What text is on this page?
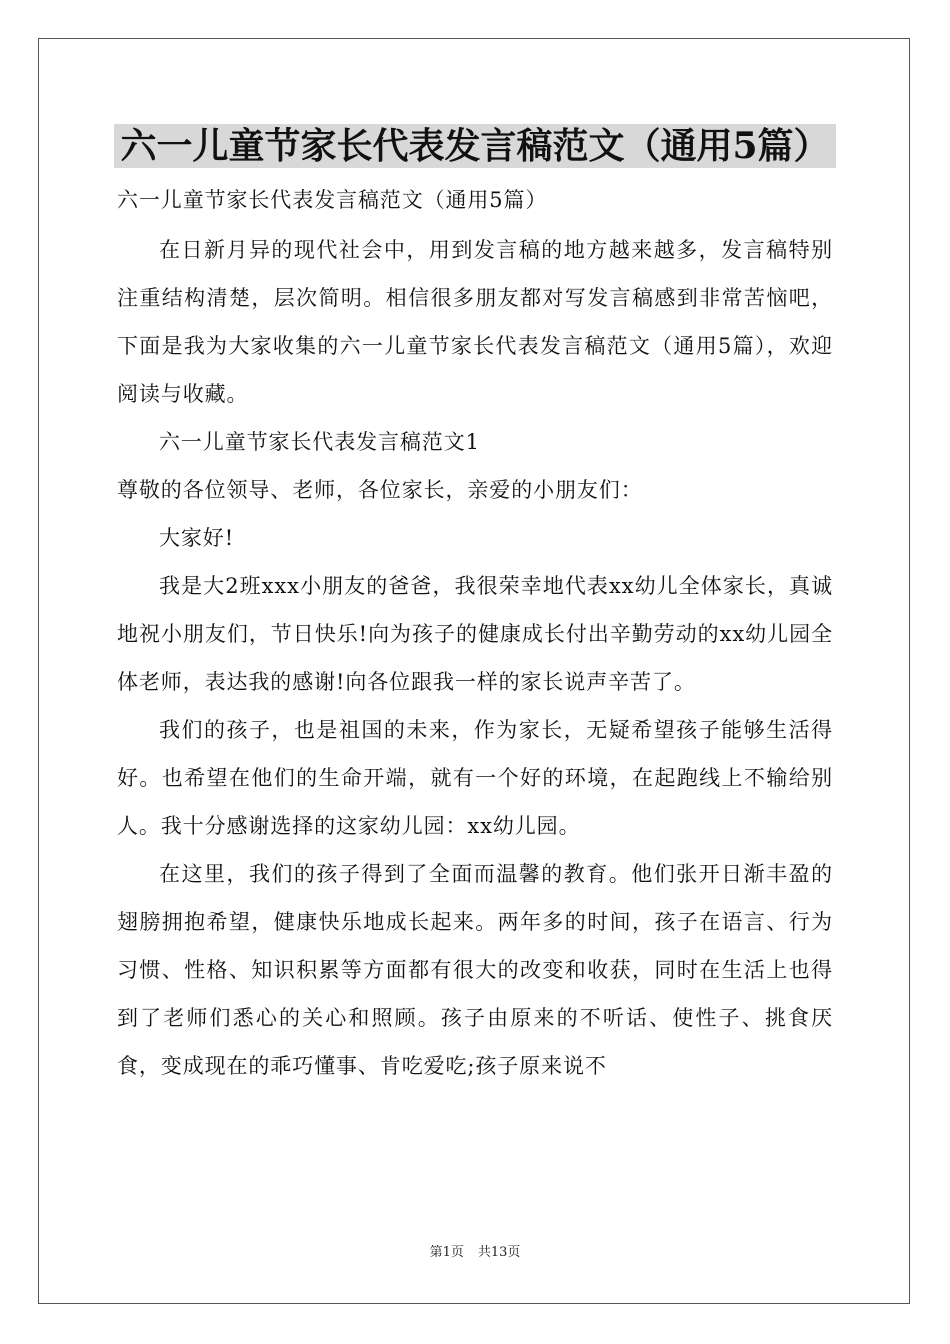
六一儿童节家长代表发言稿范文（通用5篇）

六一儿童节家长代表发言稿范文（通用5篇）

在日新月异的现代社会中，用到发言稿的地方越来越多，发言稿特别注重结构清楚，层次简明。相信很多朋友都对写发言稿感到非常苦恼吧，下面是我为大家收集的六一儿童节家长代表发言稿范文（通用5篇），欢迎阅读与收藏。

六一儿童节家长代表发言稿范文1

尊敬的各位领导、老师，各位家长，亲爱的小朋友们：

大家好!

我是大2班xxx小朋友的爸爸，我很荣幸地代表xx幼儿全体家长，真诚地祝小朋友们，节日快乐!向为孩子的健康成长付出辛勤劳动的xx幼儿园全体老师，表达我的感谢!向各位跟我一样的家长说声辛苦了。

我们的孩子，也是祖国的未来，作为家长，无疑希望孩子能够生活得好。也希望在他们的生命开端，就有一个好的环境，在起跑线上不输给别人。我十分感谢选择的这家幼儿园：xx幼儿园。

在这里，我们的孩子得到了全面而温馨的教育。他们张开日渐丰盈的翅膀拥抱希望，健康快乐地成长起来。两年多的时间，孩子在语言、行为习惯、性格、知识积累等方面都有很大的改变和收获，同时在生活上也得到了老师们悉心的关心和照顾。孩子由原来的不听话、使性子、挑食厌食，变成现在的乖巧懂事、肯吃爱吃;孩子原来说不

第1页 共13页
